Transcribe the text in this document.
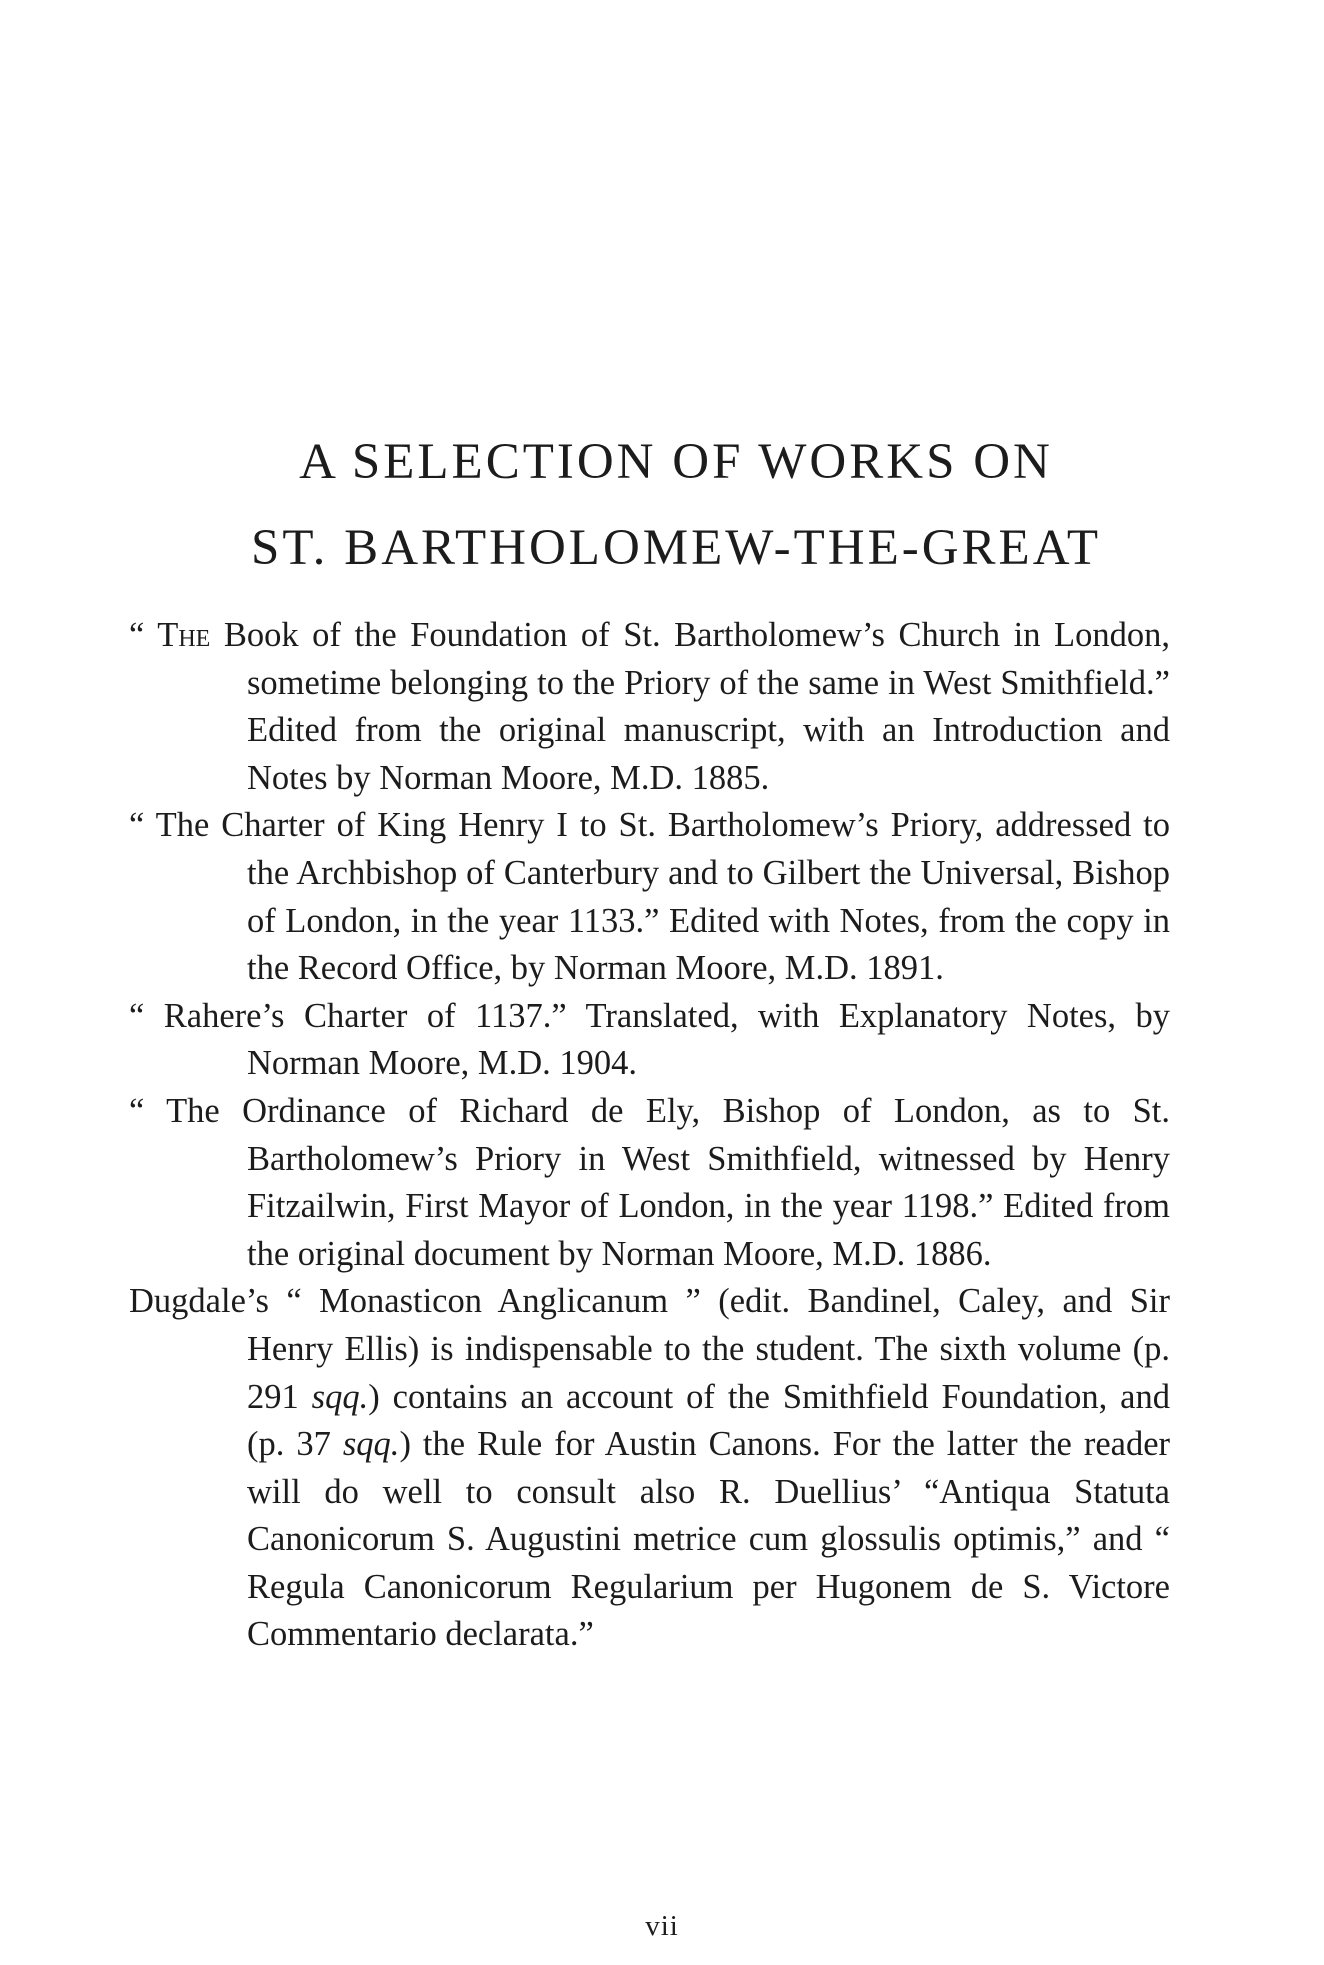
A SELECTION OF WORKS ON
ST. BARTHOLOMEW-THE-GREAT

“ The Book of the Foundation of St. Bartholomew’s Church in London, sometime belonging to the Priory of the same in West Smithfield.” Edited from the original manuscript, with an Introduction and Notes by Norman Moore, M.D. 1885.

“ The Charter of King Henry I to St. Bartholomew’s Priory, addressed to the Archbishop of Canterbury and to Gilbert the Universal, Bishop of London, in the year 1133.” Edited with Notes, from the copy in the Record Office, by Norman Moore, M.D. 1891.

“ Rahere’s Charter of 1137.” Translated, with Explanatory Notes, by Norman Moore, M.D. 1904.

“ The Ordinance of Richard de Ely, Bishop of London, as to St. Bartholomew’s Priory in West Smithfield, witnessed by Henry Fitzailwin, First Mayor of London, in the year 1198.” Edited from the original document by Norman Moore, M.D. 1886.

Dugdale’s “ Monasticon Anglicanum ” (edit. Bandinel, Caley, and Sir Henry Ellis) is indispensable to the student. The sixth volume (p. 291 sqq.) contains an account of the Smithfield Foundation, and (p. 37 sqq.) the Rule for Austin Canons. For the latter the reader will do well to consult also R. Duellius’ “Antiqua Statuta Canonicorum S. Augustini metrice cum glossulis optimis,” and “ Regula Canonicorum Regularium per Hugonem de S. Victore Commentario declarata.”

vii
